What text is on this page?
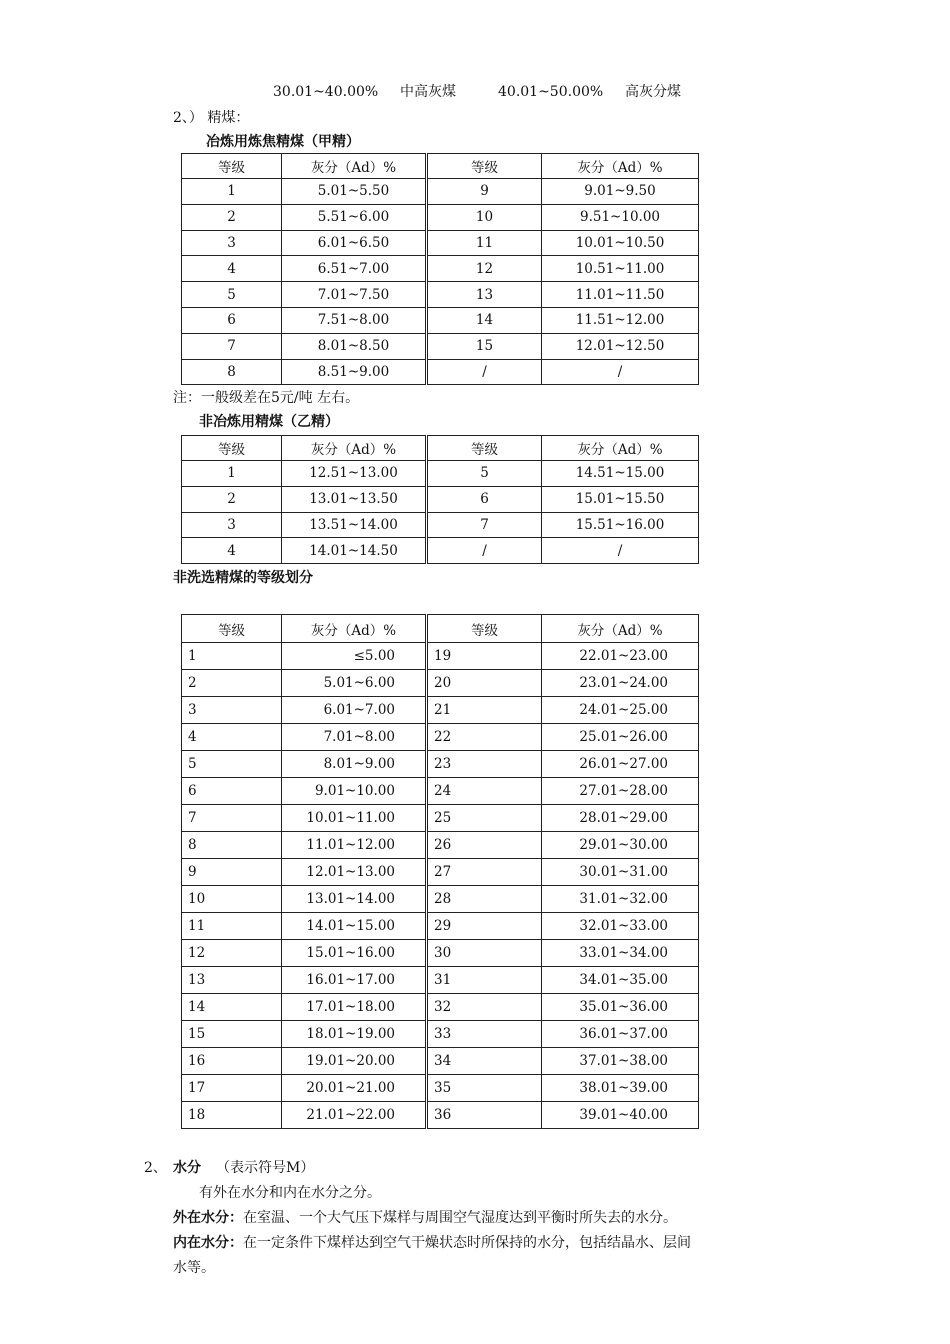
30.01~40.00% 中高灰煤	40.01~50.00% 高灰分煤
2、） 精煤：
冶炼用炼焦精煤（甲精）
等级	灰分（Ad）%	等级	灰分（Ad）%
1	5.01~5.50	9	9.01~9.50
2	5.51~6.00	10	9.51~10.00
3	6.01~6.50	11	10.01~10.50
4	6.51~7.00	12	10.51~11.00
5	7.01~7.50	13	11.01~11.50
6	7.51~8.00	14	11.51~12.00
7	8.01~8.50	15	12.01~12.50
8	8.51~9.00	/	/
注：一般级差在5元/吨 左右。
非冶炼用精煤（乙精）
等级	灰分（Ad）%	等级	灰分（Ad）%
1	12.51~13.00	5	14.51~15.00
2	13.01~13.50	6	15.01~15.50
3	13.51~14.00	7	15.51~16.00
4	14.01~14.50	/	/
非洗选精煤的等级划分
等级	灰分（Ad）%	等级	灰分（Ad）%
1	≤5.00	19	22.01~23.00
2	5.01~6.00	20	23.01~24.00
3	6.01~7.00	21	24.01~25.00
4	7.01~8.00	22	25.01~26.00
5	8.01~9.00	23	26.01~27.00
6	9.01~10.00	24	27.01~28.00
7	10.01~11.00	25	28.01~29.00
8	11.01~12.00	26	29.01~30.00
9	12.01~13.00	27	30.01~31.00
10	13.01~14.00	28	31.01~32.00
11	14.01~15.00	29	32.01~33.00
12	15.01~16.00	30	33.01~34.00
13	16.01~17.00	31	34.01~35.00
14	17.01~18.00	32	35.01~36.00
15	18.01~19.00	33	36.01~37.00
16	19.01~20.00	34	37.01~38.00
17	20.01~21.00	35	38.01~39.00
18	21.01~22.00	36	39.01~40.00
2、 水分 （表示符号M）
有外在水分和内在水分之分。
外在水分：在室温、一个大气压下煤样与周围空气湿度达到平衡时所失去的水分。
内在水分：在一定条件下煤样达到空气干燥状态时所保持的水分，包括结晶水、层间
水等。
